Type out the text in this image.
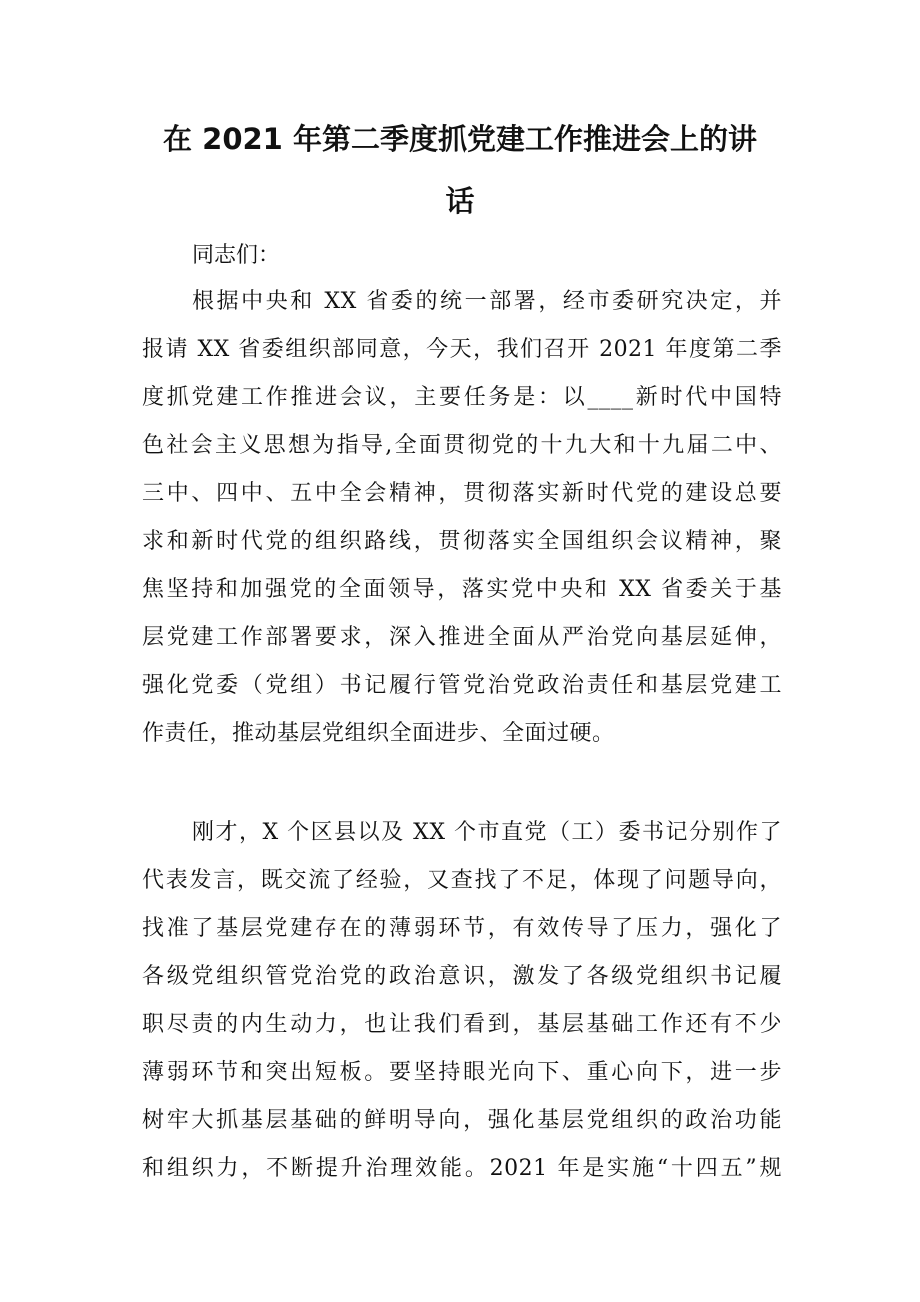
在 2021 年第二季度抓党建工作推进会上的讲
话

同志们：

根据中央和 XX 省委的统一部署，经市委研究决定，并
报请 XX 省委组织部同意，今天，我们召开 2021 年度第二季
度抓党建工作推进会议，主要任务是：以____新时代中国特
色社会主义思想为指导,全面贯彻党的十九大和十九届二中、
三中、四中、五中全会精神，贯彻落实新时代党的建设总要
求和新时代党的组织路线，贯彻落实全国组织会议精神，聚
焦坚持和加强党的全面领导，落实党中央和 XX 省委关于基
层党建工作部署要求，深入推进全面从严治党向基层延伸，
强化党委（党组）书记履行管党治党政治责任和基层党建工
作责任，推动基层党组织全面进步、全面过硬。
刚才，X 个区县以及 XX 个市直党（工）委书记分别作了
代表发言，既交流了经验，又查找了不足，体现了问题导向，
找准了基层党建存在的薄弱环节，有效传导了压力，强化了
各级党组织管党治党的政治意识，激发了各级党组织书记履
职尽责的内生动力，也让我们看到，基层基础工作还有不少
薄弱环节和突出短板。要坚持眼光向下、重心向下，进一步
树牢大抓基层基础的鲜明导向，强化基层党组织的政治功能
和组织力，不断提升治理效能。2021 年是实施“十四五”规
